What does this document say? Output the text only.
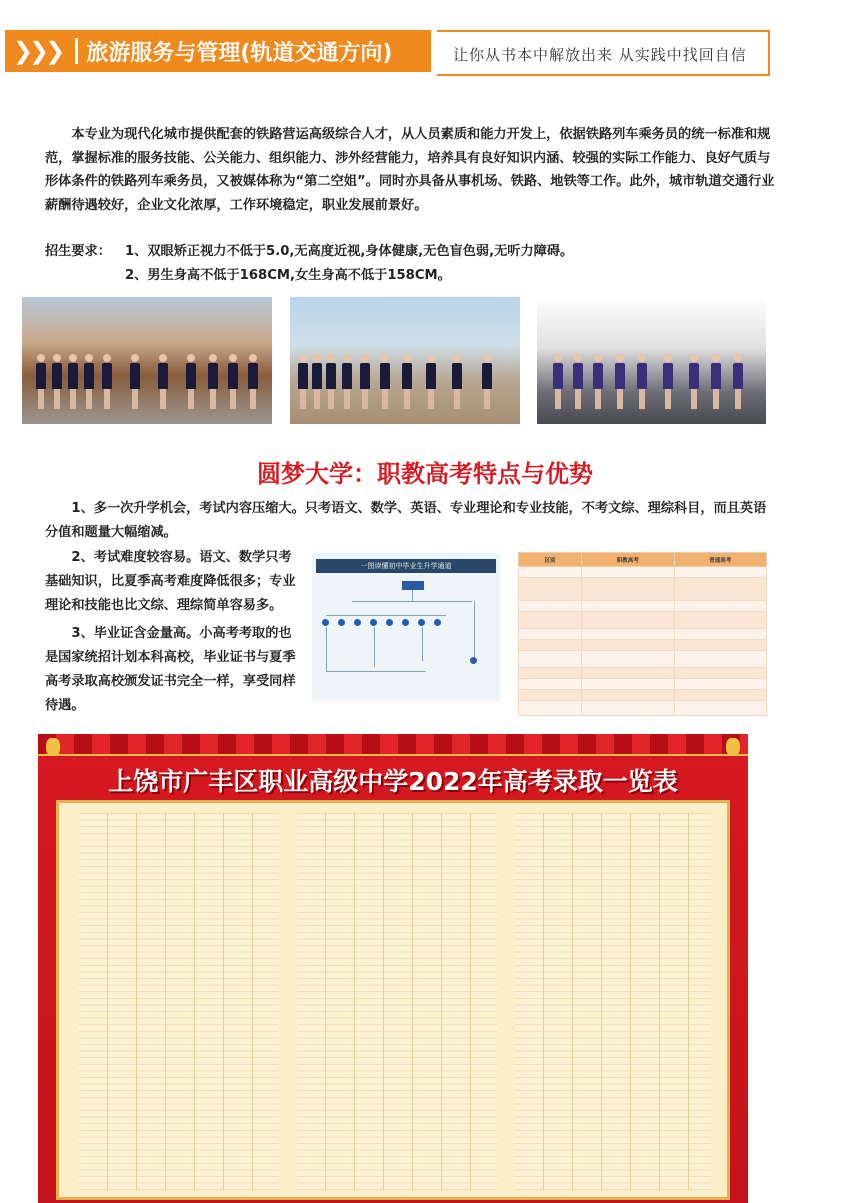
❯❯❯ 旅游服务与管理(轨道交通方向)	让你从书本中解放出来 从实践中找回自信
本专业为现代化城市提供配套的铁路营运高级综合人才，从人员素质和能力开发上，依据铁路列车乘务员的统一标准和规范，掌握标准的服务技能、公关能力、组织能力、涉外经营能力，培养具有良好知识内涵、较强的实际工作能力、良好气质与形体条件的铁路列车乘务员，又被媒体称为“第二空姐”。同时亦具备从事机场、铁路、地铁等工作。此外，城市轨道交通行业薪酬待遇较好，企业文化浓厚，工作环境稳定，职业发展前景好。
招生要求：	1、双眼矫正视力不低于5.0,无高度近视,身体健康,无色盲色弱,无听力障碍。
2、男生身高不低于168CM,女生身高不低于158CM。
圆梦大学：职教高考特点与优势
1、多一次升学机会，考试内容压缩大。只考语文、数学、英语、专业理论和专业技能，不考文综、理综科目，而且英语分值和题量大幅缩减。
2、考试难度较容易。语文、数学只考基础知识，比夏季高考难度降低很多；专业理论和技能也比文综、理综简单容易多。
3、毕业证含金量高。小高考考取的也是国家统招计划本科高校，毕业证书与夏季高考录取高校颁发证书完全一样，享受同样待遇。
一图读懂初中毕业生升学通道
区别	职教高考	普通高考

上饶市广丰区职业高级中学2022年高考录取一览表
